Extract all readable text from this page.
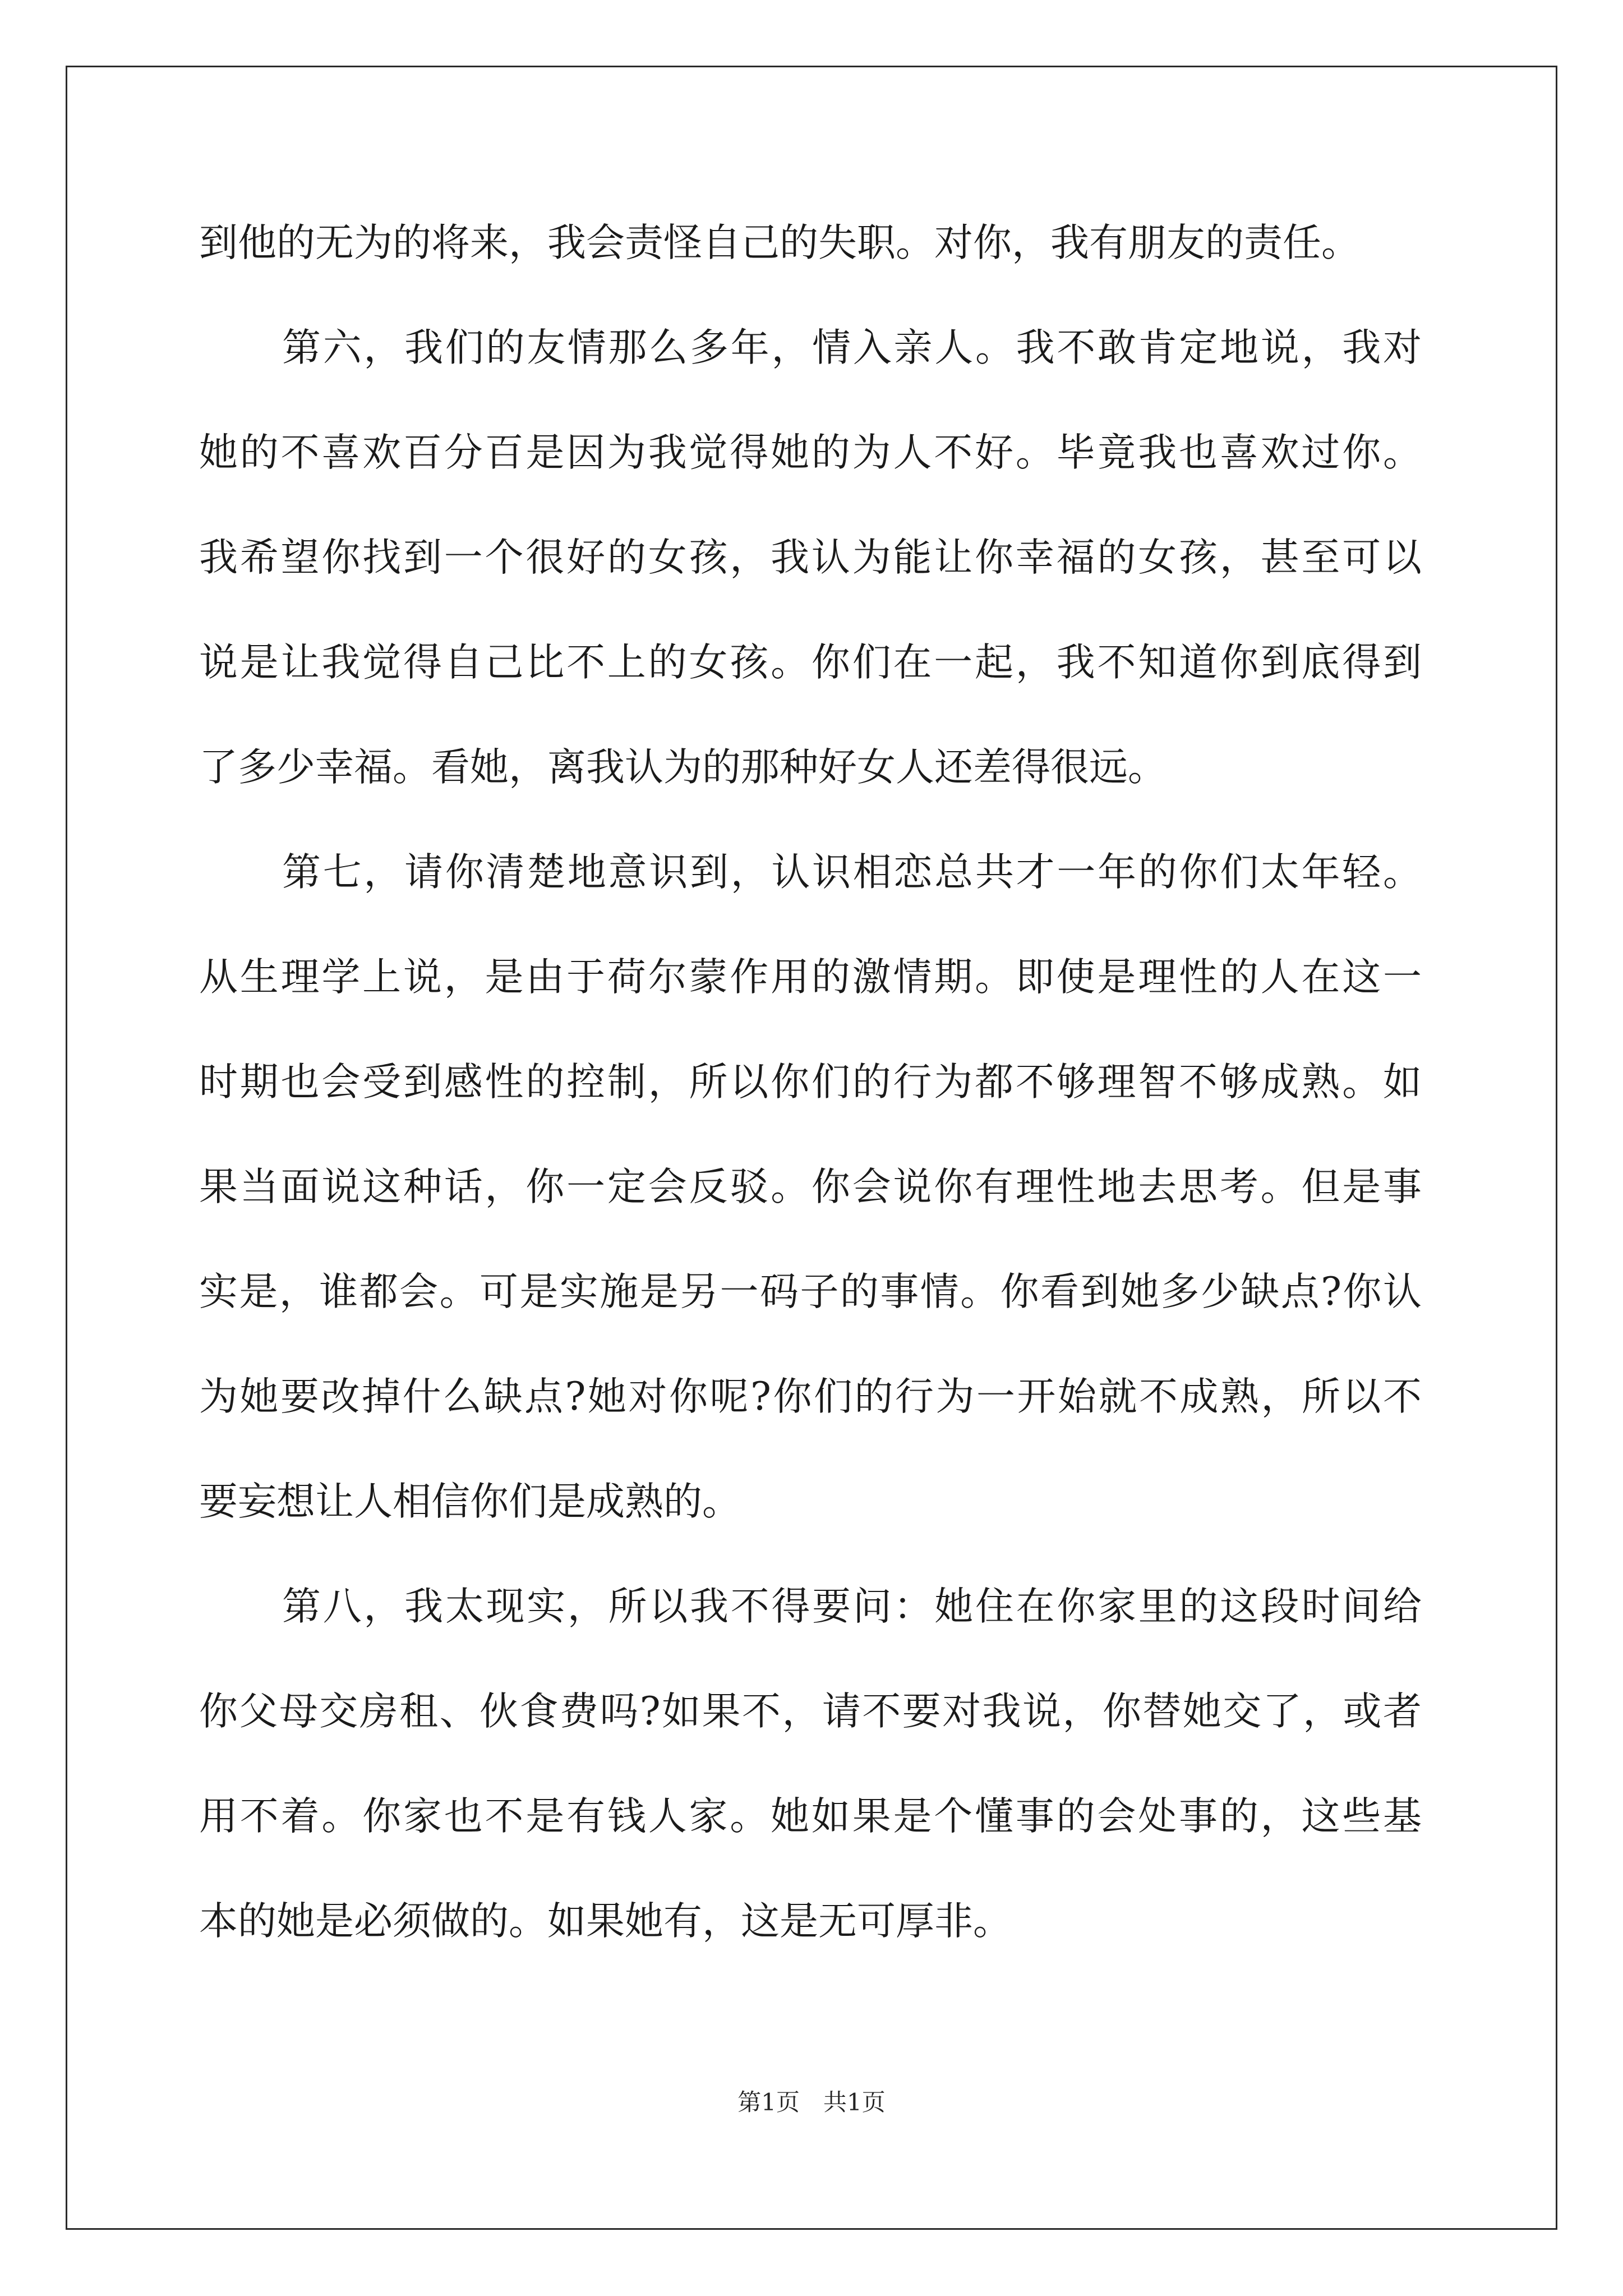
到他的无为的将来，我会责怪自己的失职。对你，我有朋友的责任。
第六，我们的友情那么多年，情入亲人。我不敢肯定地说，我对
她的不喜欢百分百是因为我觉得她的为人不好。毕竟我也喜欢过你。
我希望你找到一个很好的女孩，我认为能让你幸福的女孩，甚至可以
说是让我觉得自己比不上的女孩。你们在一起，我不知道你到底得到
了多少幸福。看她，离我认为的那种好女人还差得很远。
第七，请你清楚地意识到，认识相恋总共才一年的你们太年轻。
从生理学上说，是由于荷尔蒙作用的激情期。即使是理性的人在这一
时期也会受到感性的控制，所以你们的行为都不够理智不够成熟。如
果当面说这种话，你一定会反驳。你会说你有理性地去思考。但是事
实是，谁都会。可是实施是另一码子的事情。你看到她多少缺点?你认
为她要改掉什么缺点?她对你呢?你们的行为一开始就不成熟，所以不
要妄想让人相信你们是成熟的。
第八，我太现实，所以我不得要问：她住在你家里的这段时间给
你父母交房租、伙食费吗?如果不，请不要对我说，你替她交了，或者
用不着。你家也不是有钱人家。她如果是个懂事的会处事的，这些基
本的她是必须做的。如果她有，这是无可厚非。
第1页　共1页
